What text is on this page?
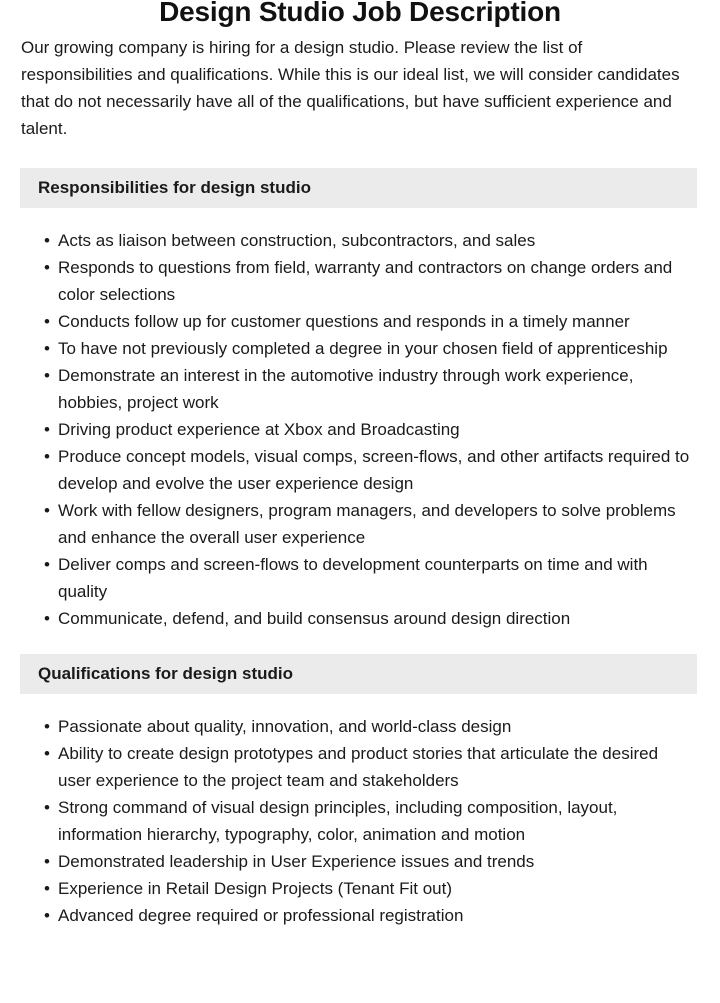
Design Studio Job Description

Our growing company is hiring for a design studio. Please review the list of responsibilities and qualifications. While this is our ideal list, we will consider candidates that do not necessarily have all of the qualifications, but have sufficient experience and talent.

Responsibilities for design studio
• Acts as liaison between construction, subcontractors, and sales
• Responds to questions from field, warranty and contractors on change orders and color selections
• Conducts follow up for customer questions and responds in a timely manner
• To have not previously completed a degree in your chosen field of apprenticeship
• Demonstrate an interest in the automotive industry through work experience, hobbies, project work
• Driving product experience at Xbox and Broadcasting
• Produce concept models, visual comps, screen-flows, and other artifacts required to develop and evolve the user experience design
• Work with fellow designers, program managers, and developers to solve problems and enhance the overall user experience
• Deliver comps and screen-flows to development counterparts on time and with quality
• Communicate, defend, and build consensus around design direction
Qualifications for design studio
• Passionate about quality, innovation, and world-class design
• Ability to create design prototypes and product stories that articulate the desired user experience to the project team and stakeholders
• Strong command of visual design principles, including composition, layout, information hierarchy, typography, color, animation and motion
• Demonstrated leadership in User Experience issues and trends
• Experience in Retail Design Projects (Tenant Fit out)
• Advanced degree required or professional registration
